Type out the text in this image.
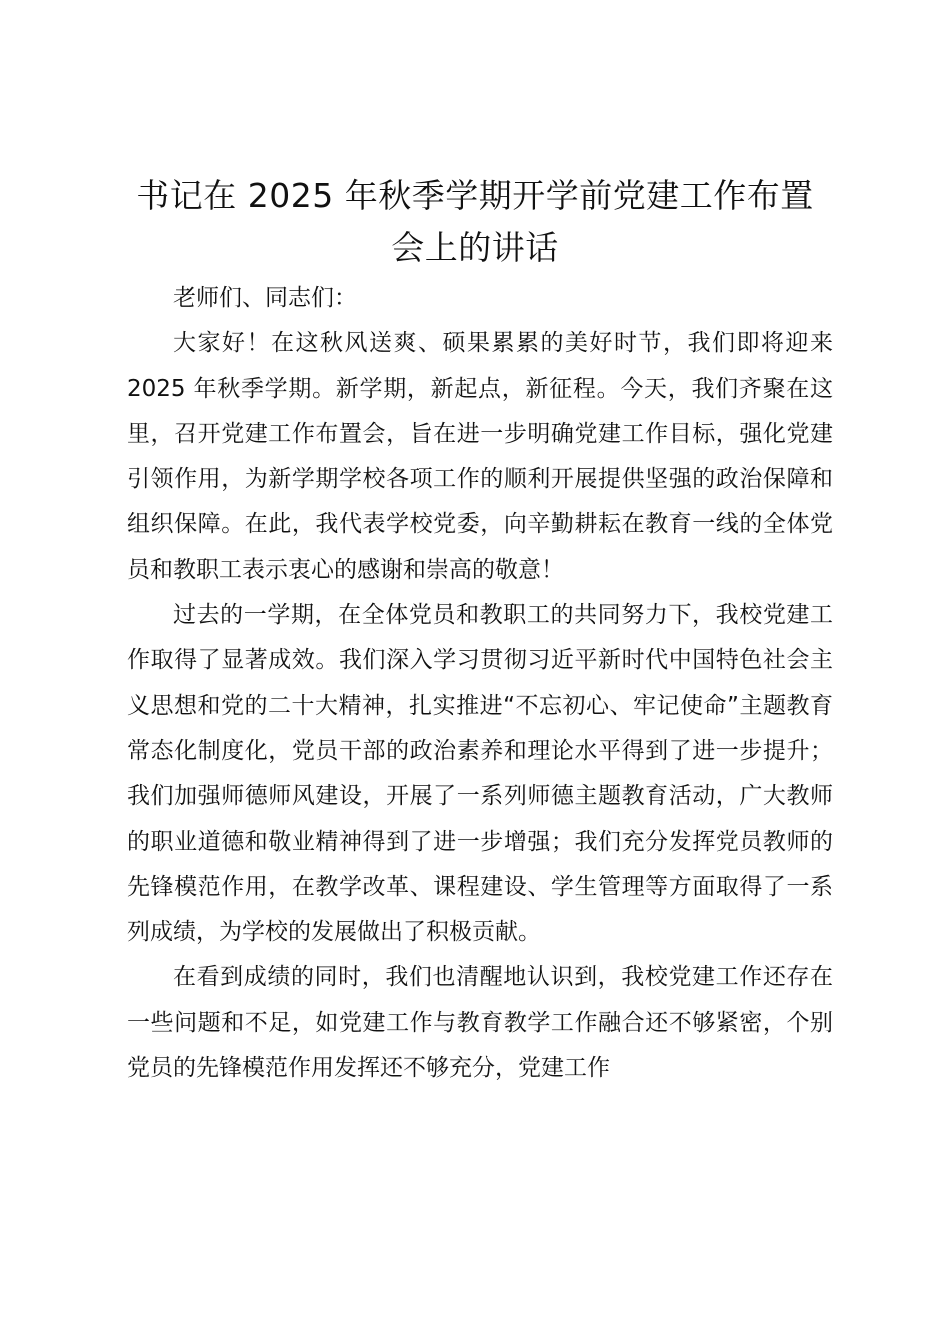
书记在 2025 年秋季学期开学前党建工作布置会上的讲话

老师们、同志们：

大家好！在这秋风送爽、硕果累累的美好时节，我们即将迎来 2025 年秋季学期。新学期，新起点，新征程。今天，我们齐聚在这里，召开党建工作布置会，旨在进一步明确党建工作目标，强化党建引领作用，为新学期学校各项工作的顺利开展提供坚强的政治保障和组织保障。在此，我代表学校党委，向辛勤耕耘在教育一线的全体党员和教职工表示衷心的感谢和崇高的敬意！

过去的一学期，在全体党员和教职工的共同努力下，我校党建工作取得了显著成效。我们深入学习贯彻习近平新时代中国特色社会主义思想和党的二十大精神，扎实推进“不忘初心、牢记使命”主题教育常态化制度化，党员干部的政治素养和理论水平得到了进一步提升；我们加强师德师风建设，开展了一系列师德主题教育活动，广大教师的职业道德和敬业精神得到了进一步增强；我们充分发挥党员教师的先锋模范作用，在教学改革、课程建设、学生管理等方面取得了一系列成绩，为学校的发展做出了积极贡献。

在看到成绩的同时，我们也清醒地认识到，我校党建工作还存在一些问题和不足，如党建工作与教育教学工作融合还不够紧密，个别党员的先锋模范作用发挥还不够充分，党建工作
